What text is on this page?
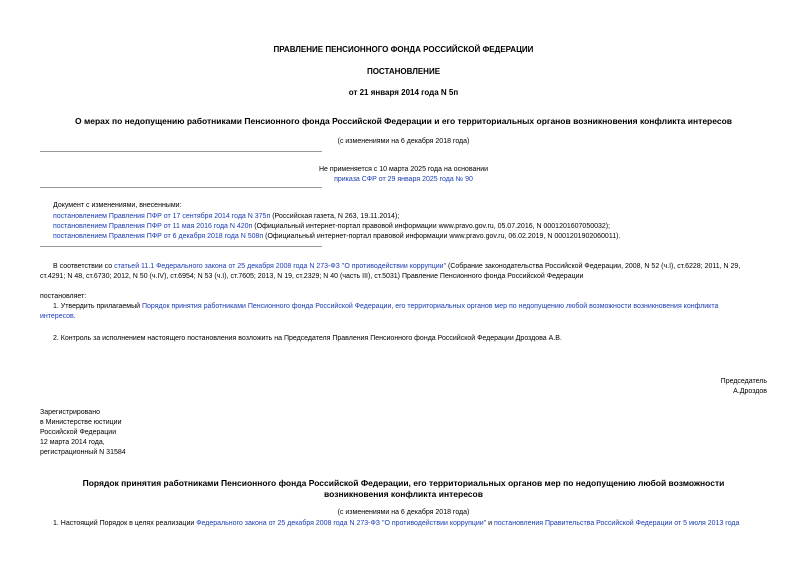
ПРАВЛЕНИЕ ПЕНСИОННОГО ФОНДА РОССИЙСКОЙ ФЕДЕРАЦИИ
ПОСТАНОВЛЕНИЕ
от 21 января 2014 года N 5п
О мерах по недопущению работниками Пенсионного фонда Российской Федерации и его территориальных органов возникновения конфликта интересов
(с изменениями на 6 декабря 2018 года)
Не применяется с 10 марта 2025 года на основании
приказа СФР от 29 января 2025 года № 90
Документ с изменениями, внесенными:
постановлением Правления ПФР от 17 сентября 2014 года N 375п (Российская газета, N 263, 19.11.2014);
постановлением Правления ПФР от 11 мая 2016 года N 420п (Официальный интернет-портал правовой информации www.pravo.gov.ru, 05.07.2016, N 0001201607050032);
постановлением Правления ПФР от 6 декабря 2018 года N 508п (Официальный интернет-портал правовой информации www.pravo.gov.ru, 06.02.2019, N 0001201902060011).
В соответствии со статьей 11.1 Федерального закона от 25 декабря 2008 года N 273-ФЗ "О противодействии коррупции" (Собрание законодательства Российской Федерации, 2008, N 52 (ч.I), ст.6228; 2011, N 29,
ст.4291; N 48, ст.6730; 2012, N 50 (ч.IV), ст.6954; N 53 (ч.I), ст.7605; 2013, N 19, ст.2329; N 40 (часть III), ст.5031) Правление Пенсионного фонда Российской Федерации
постановляет:
1. Утвердить прилагаемый Порядок принятия работниками Пенсионного фонда Российской Федерации, его территориальных органов мер по недопущению любой возможности возникновения конфликта
интересов.
2. Контроль за исполнением настоящего постановления возложить на Председателя Правления Пенсионного фонда Российской Федерации Дроздова А.В.
Председатель
А.Дроздов
Зарегистрировано
в Министерстве юстиции
Российской Федерации
12 марта 2014 года,
регистрационный N 31584
Порядок принятия работниками Пенсионного фонда Российской Федерации, его территориальных органов мер по недопущению любой возможности
возникновения конфликта интересов
(с изменениями на 6 декабря 2018 года)
1. Настоящий Порядок в целях реализации Федерального закона от 25 декабря 2008 года N 273-ФЗ "О противодействии коррупции" и постановления Правительства Российской Федерации от 5 июля 2013 года
